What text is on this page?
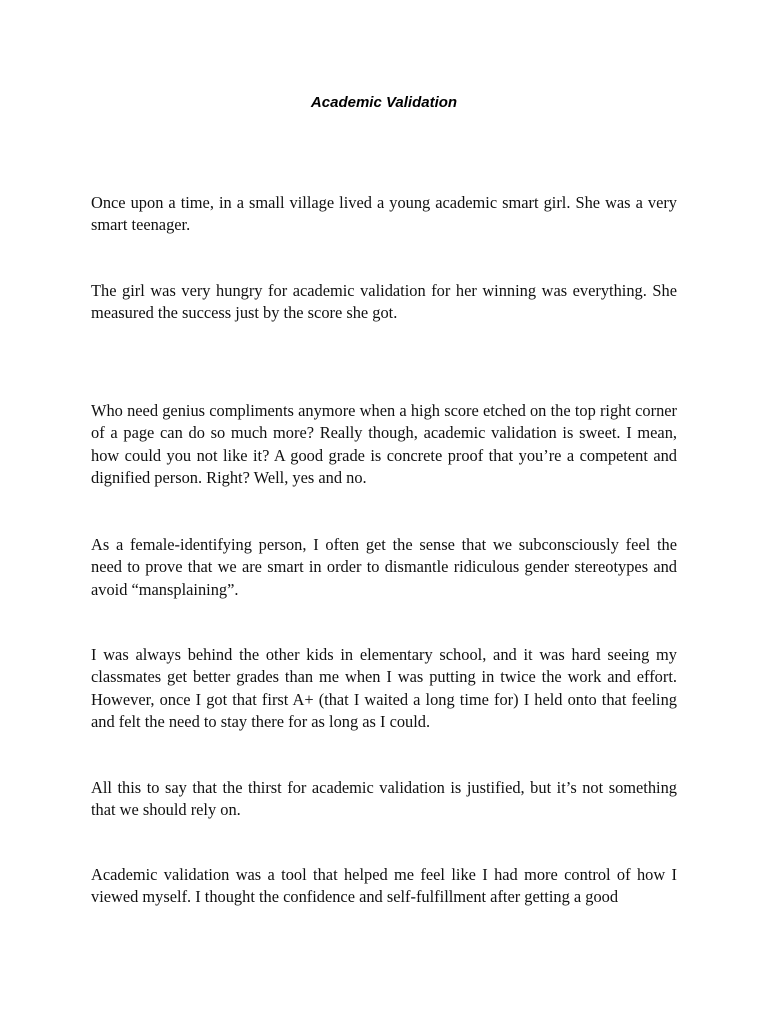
Academic Validation

Once upon a time, in a small village lived a young academic smart girl. She was a very smart teenager.

The girl was very hungry for academic validation for her winning was everything. She measured the success just by the score she got.

Who need genius compliments anymore when a high score etched on the top right corner of a page can do so much more? Really though, academic validation is sweet. I mean, how could you not like it? A good grade is concrete proof that you’re a competent and dignified person. Right? Well, yes and no.

As a female-identifying person, I often get the sense that we subconsciously feel the need to prove that we are smart in order to dismantle ridiculous gender stereotypes and avoid “mansplaining”.

I was always behind the other kids in elementary school, and it was hard seeing my classmates get better grades than me when I was putting in twice the work and effort. However, once I got that first A+ (that I waited a long time for) I held onto that feeling and felt the need to stay there for as long as I could.

All this to say that the thirst for academic validation is justified, but it’s not something that we should rely on.

Academic validation was a tool that helped me feel like I had more control of how I viewed myself. I thought the confidence and self-fulfillment after getting a good
